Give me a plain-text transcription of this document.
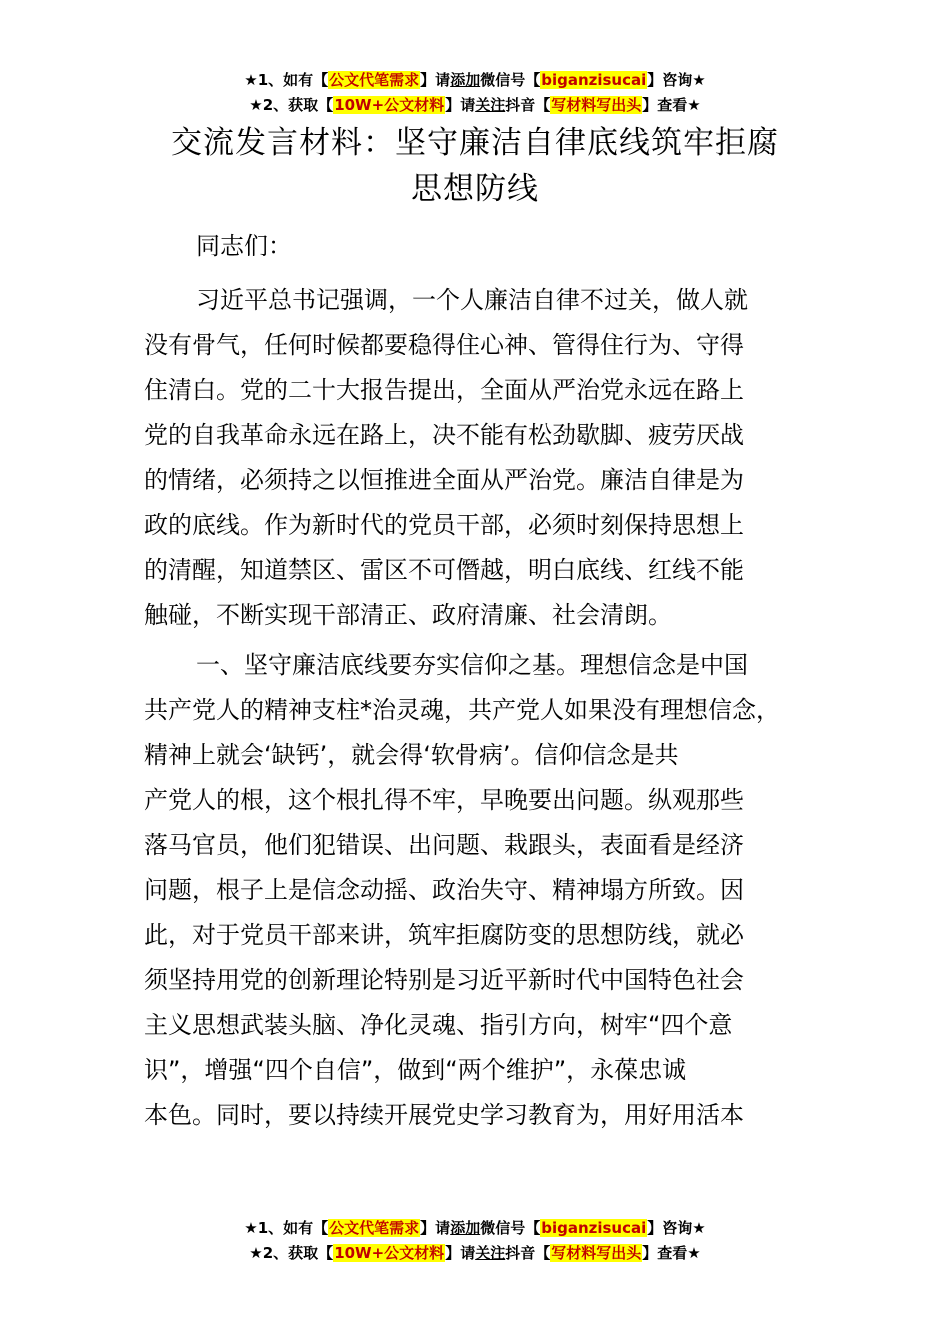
★1、如有【公文代笔需求】请添加微信号【biganzisucai】咨询★
★2、获取【10W+公文材料】请关注抖音【写材料写出头】查看★
交流发言材料：坚守廉洁自律底线筑牢拒腐
思想防线
同志们：
习近平总书记强调，一个人廉洁自律不过关，做人就
没有骨气，任何时候都要稳得住心神、管得住行为、守得
住清白。党的二十大报告提出，全面从严治党永远在路上
党的自我革命永远在路上，决不能有松劲歇脚、疲劳厌战
的情绪，必须持之以恒推进全面从严治党。廉洁自律是为
政的底线。作为新时代的党员干部，必须时刻保持思想上
的清醒，知道禁区、雷区不可僭越，明白底线、红线不能
触碰，不断实现干部清正、政府清廉、社会清朗。
一、坚守廉洁底线要夯实信仰之基。理想信念是中国
共产党人的精神支柱*治灵魂，共产党人如果没有理想信念，
精神上就会‘缺钙’，就会得‘软骨病’。信仰信念是共
产党人的根，这个根扎得不牢，早晚要出问题。纵观那些
落马官员，他们犯错误、出问题、栽跟头，表面看是经济
问题，根子上是信念动摇、政治失守、精神塌方所致。因
此，对于党员干部来讲，筑牢拒腐防变的思想防线，就必
须坚持用党的创新理论特别是习近平新时代中国特色社会
主义思想武装头脑、净化灵魂、指引方向，树牢“四个意
识”，增强“四个自信”，做到“两个维护”，永葆忠诚
本色。同时，要以持续开展党史学习教育为，用好用活本
★1、如有【公文代笔需求】请添加微信号【biganzisucai】咨询★
★2、获取【10W+公文材料】请关注抖音【写材料写出头】查看★
